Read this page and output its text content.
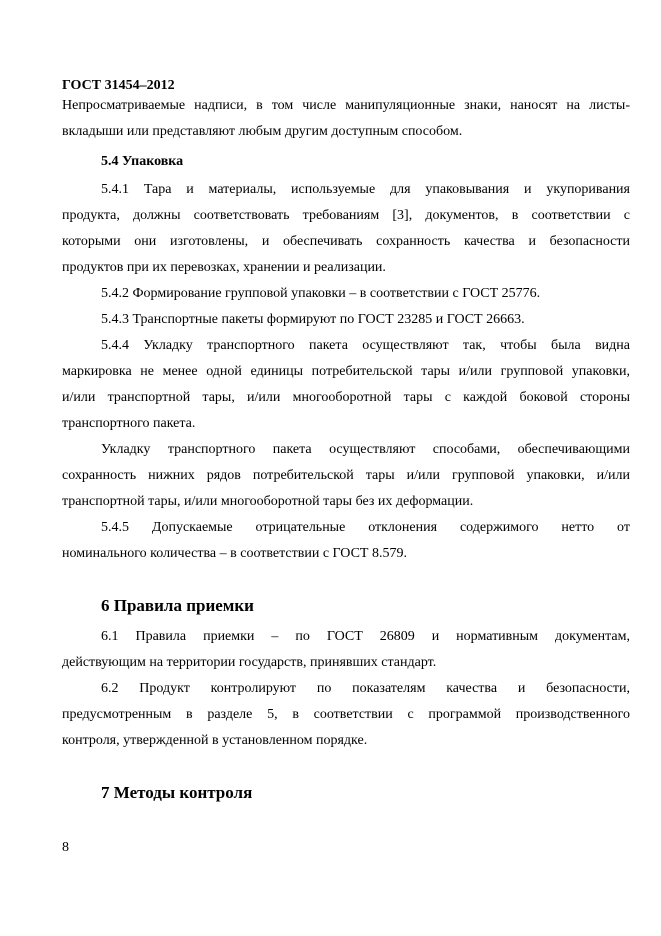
ГОСТ 31454–2012
Непросматриваемые надписи, в том числе манипуляционные знаки, наносят на листы-
вкладыши или представляют любым другим доступным способом.
5.4 Упаковка
5.4.1 Тара и материалы, используемые для упаковывания и укупоривания
продукта, должны соответствовать требованиям [3], документов, в соответствии с
которыми они изготовлены, и обеспечивать сохранность качества и безопасности
продуктов при их перевозках, хранении и реализации.
5.4.2 Формирование групповой упаковки – в соответствии с ГОСТ 25776.
5.4.3 Транспортные пакеты формируют по ГОСТ 23285 и ГОСТ 26663.
5.4.4 Укладку транспортного пакета осуществляют так, чтобы была видна
маркировка не менее одной единицы потребительской тары и/или групповой упаковки,
и/или транспортной тары, и/или многооборотной тары с каждой боковой стороны
транспортного пакета.
Укладку транспортного пакета осуществляют способами, обеспечивающими
сохранность нижних рядов потребительской тары и/или групповой упаковки, и/или
транспортной тары, и/или многооборотной тары без их деформации.
5.4.5 Допускаемые отрицательные отклонения содержимого нетто от
номинального количества – в соответствии с ГОСТ 8.579.
6 Правила приемки
6.1 Правила приемки – по ГОСТ 26809 и нормативным документам,
действующим на территории государств, принявших стандарт.
6.2 Продукт контролируют по показателям качества и безопасности,
предусмотренным в разделе 5, в соответствии с программой производственного
контроля, утвержденной в установленном порядке.
7 Методы контроля
8
